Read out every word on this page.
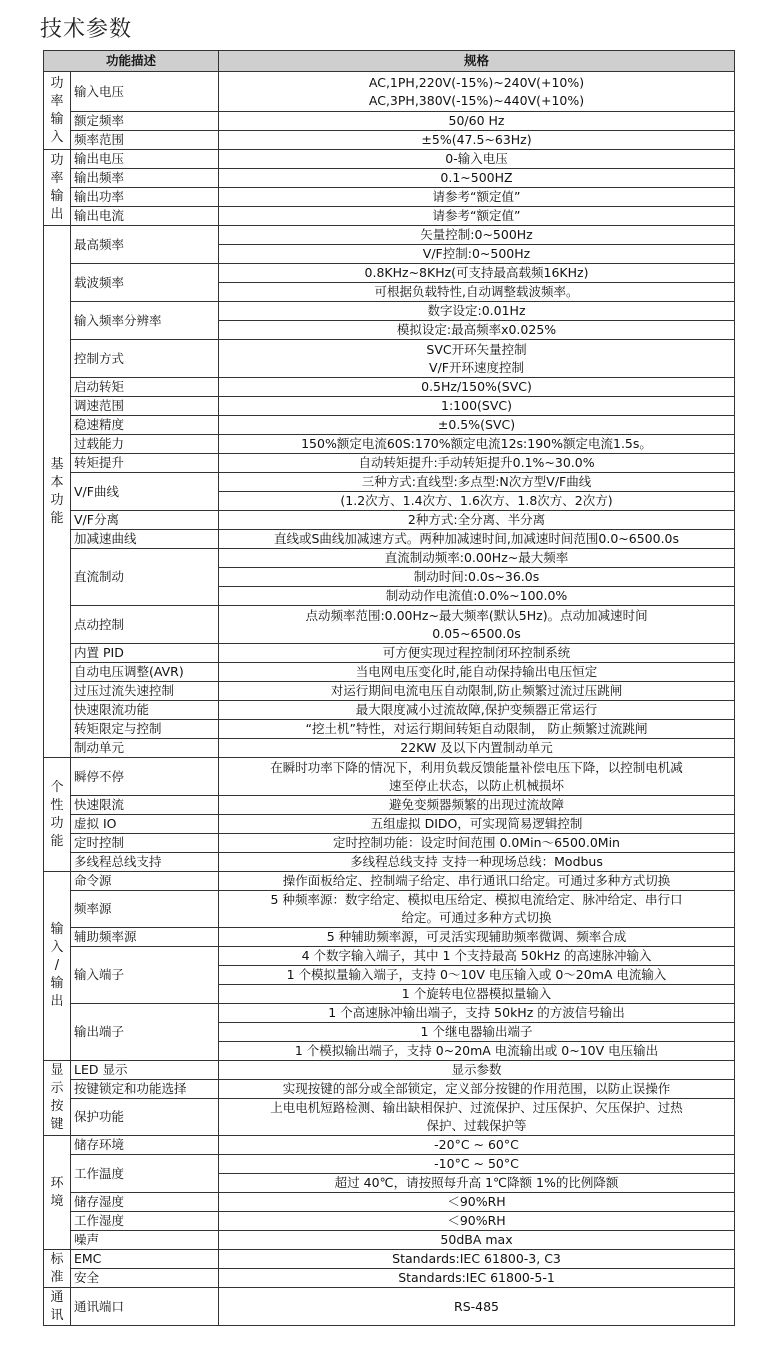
技术参数
功能描述		规格
功
率
输
入	输入电压	AC,1PH,220V(-15%)~240V(+10%)
AC,3PH,380V(-15%)~440V(+10%)
	额定频率	50/60 Hz
	频率范围	±5%(47.5~63Hz)
功
率
输
出	输出电压	0-输入电压
	输出频率	0.1~500HZ
	输出功率	请参考“额定值”
	输出电流	请参考“额定值”
基
本
功
能	最高频率	矢量控制:0~500Hz
		V/F控制:0~500Hz
	载波频率	0.8KHz~8KHz(可支持最高载频16KHz)
		可根据负载特性,自动调整载波频率。
	输入频率分辨率	数字设定:0.01Hz
		模拟设定:最高频率x0.025%
	控制方式	SVC开环矢量控制
V/F开环速度控制
	启动转矩	0.5Hz/150%(SVC)
	调速范围	1:100(SVC)
	稳速精度	±0.5%(SVC)
	过载能力	150%额定电流60S:170%额定电流12s:190%额定电流1.5s。
	转矩提升	自动转矩提升:手动转矩提升0.1%~30.0%
	V/F曲线	三种方式:直线型:多点型:N次方型V/F曲线
		(1.2次方、1.4次方、1.6次方、1.8次方、2次方)
	V/F分离	2种方式:全分离、半分离
	加减速曲线	直线或S曲线加减速方式。两种加减速时间,加减速时间范围0.0~6500.0s
	直流制动	直流制动频率:0.00Hz~最大频率
		制动时间:0.0s~36.0s
		制动动作电流值:0.0%~100.0%
	点动控制	点动频率范围:0.00Hz~最大频率(默认5Hz)。点动加减速时间
0.05~6500.0s
	内置 PID	可方便实现过程控制闭环控制系统
	自动电压调整(AVR)	当电网电压变化时,能自动保持输出电压恒定
	过压过流失速控制	对运行期间电流电压自动限制,防止频繁过流过压跳闸
	快速限流功能	最大限度减小过流故障,保护变频器正常运行
	转矩限定与控制	“挖土机”特性，对运行期间转矩自动限制， 防止频繁过流跳闸
	制动单元	22KW 及以下内置制动单元
个
性
功
能	瞬停不停	在瞬时功率下降的情况下，利用负载反馈能量补偿电压下降，以控制电机减
速至停止状态，以防止机械损坏
	快速限流	避免变频器频繁的出现过流故障
	虚拟 IO	五组虚拟 DIDO，可实现简易逻辑控制
	定时控制	定时控制功能：设定时间范围 0.0Min～6500.0Min
	多线程总线支持	多线程总线支持 支持一种现场总线：Modbus
输
入
/
输
出	命令源	操作面板给定、控制端子给定、串行通讯口给定。可通过多种方式切换
	频率源	5 种频率源：数字给定、模拟电压给定、模拟电流给定、脉冲给定、串行口
给定。可通过多种方式切换
	辅助频率源	5 种辅助频率源，可灵活实现辅助频率微调、频率合成
	输入端子	4 个数字输入端子，其中 1 个支持最高 50kHz 的高速脉冲输入
		1 个模拟量输入端子，支持 0～10V 电压输入或 0～20mA 电流输入
		1 个旋转电位器模拟量输入
	输出端子	1 个高速脉冲输出端子，支持 50kHz 的方波信号输出
		1 个继电器输出端子
		1 个模拟输出端子，支持 0~20mA 电流输出或 0~10V 电压输出
显
示
按
键	LED 显示	显示参数
	按键锁定和功能选择	实现按键的部分或全部锁定，定义部分按键的作用范围，以防止误操作
	保护功能	上电电机短路检测、输出缺相保护、过流保护、过压保护、欠压保护、过热
保护、过载保护等
环
境	储存环境	-20°C ~ 60°C
	工作温度	-10°C ~ 50°C
		超过 40℃，请按照每升高 1℃降额 1%的比例降额
	储存湿度	＜90%RH
	工作湿度	＜90%RH
	噪声	50dBA max
标
准	EMC	Standards:IEC 61800-3, C3
	安全	Standards:IEC 61800-5-1
通
讯	通讯端口	RS-485
